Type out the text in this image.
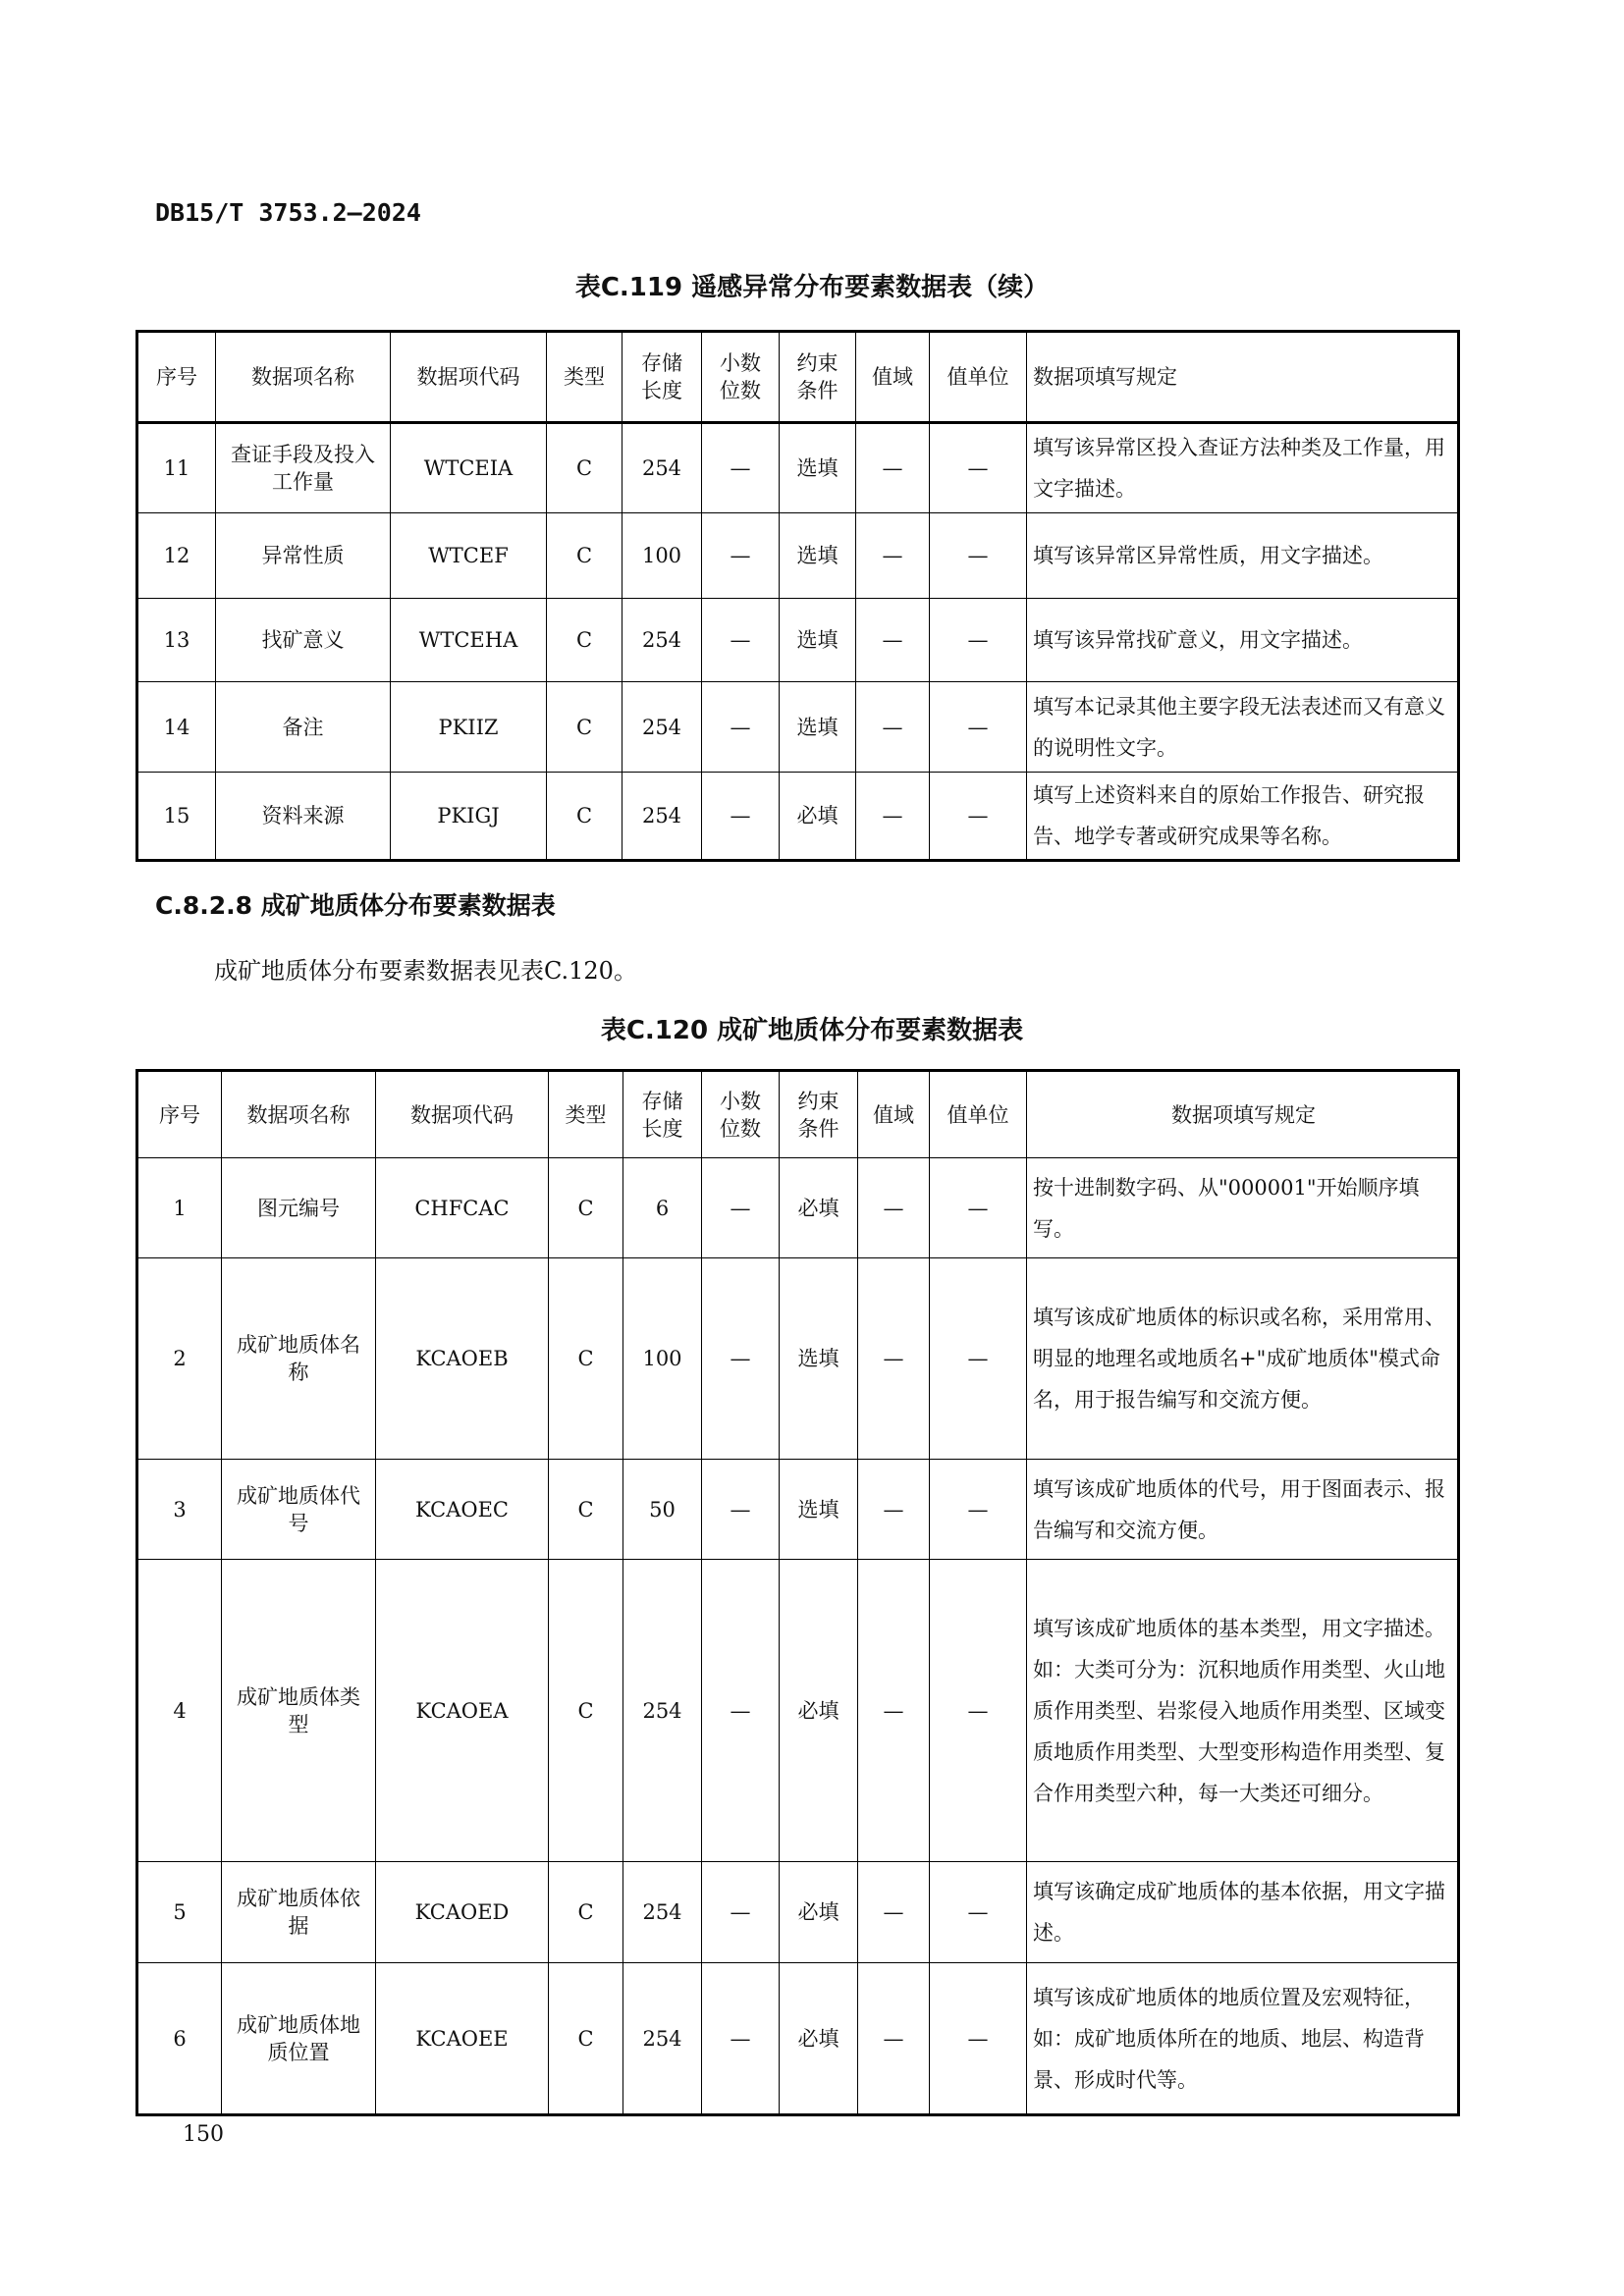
DB15/T 3753.2—2024
表C.119 遥感异常分布要素数据表（续）
序号	数据项名称	数据项代码	类型	存储长度	小数位数	约束条件	值域	值单位	数据项填写规定
11	查证手段及投入工作量	WTCEIA	C	254	—	选填	—	—	填写该异常区投入查证方法种类及工作量，用文字描述。
12	异常性质	WTCEF	C	100	—	选填	—	—	填写该异常区异常性质，用文字描述。
13	找矿意义	WTCEHA	C	254	—	选填	—	—	填写该异常找矿意义，用文字描述。
14	备注	PKIIZ	C	254	—	选填	—	—	填写本记录其他主要字段无法表述而又有意义的说明性文字。
15	资料来源	PKIGJ	C	254	—	必填	—	—	填写上述资料来自的原始工作报告、研究报告、地学专著或研究成果等名称。
C.8.2.8 成矿地质体分布要素数据表
成矿地质体分布要素数据表见表C.120。
表C.120 成矿地质体分布要素数据表
序号	数据项名称	数据项代码	类型	存储长度	小数位数	约束条件	值域	值单位	数据项填写规定
1	图元编号	CHFCAC	C	6	—	必填	—	—	按十进制数字码、从"000001"开始顺序填写。
2	成矿地质体名称	KCAOEB	C	100	—	选填	—	—	填写该成矿地质体的标识或名称，采用常用、明显的地理名或地质名+"成矿地质体"模式命名，用于报告编写和交流方便。
3	成矿地质体代号	KCAOEC	C	50	—	选填	—	—	填写该成矿地质体的代号，用于图面表示、报告编写和交流方便。
4	成矿地质体类型	KCAOEA	C	254	—	必填	—	—	填写该成矿地质体的基本类型，用文字描述。如：大类可分为：沉积地质作用类型、火山地质作用类型、岩浆侵入地质作用类型、区域变质地质作用类型、大型变形构造作用类型、复合作用类型六种，每一大类还可细分。
5	成矿地质体依据	KCAOED	C	254	—	必填	—	—	填写该确定成矿地质体的基本依据，用文字描述。
6	成矿地质体地质位置	KCAOEE	C	254	—	必填	—	—	填写该成矿地质体的地质位置及宏观特征，如：成矿地质体所在的地质、地层、构造背景、形成时代等。
150
